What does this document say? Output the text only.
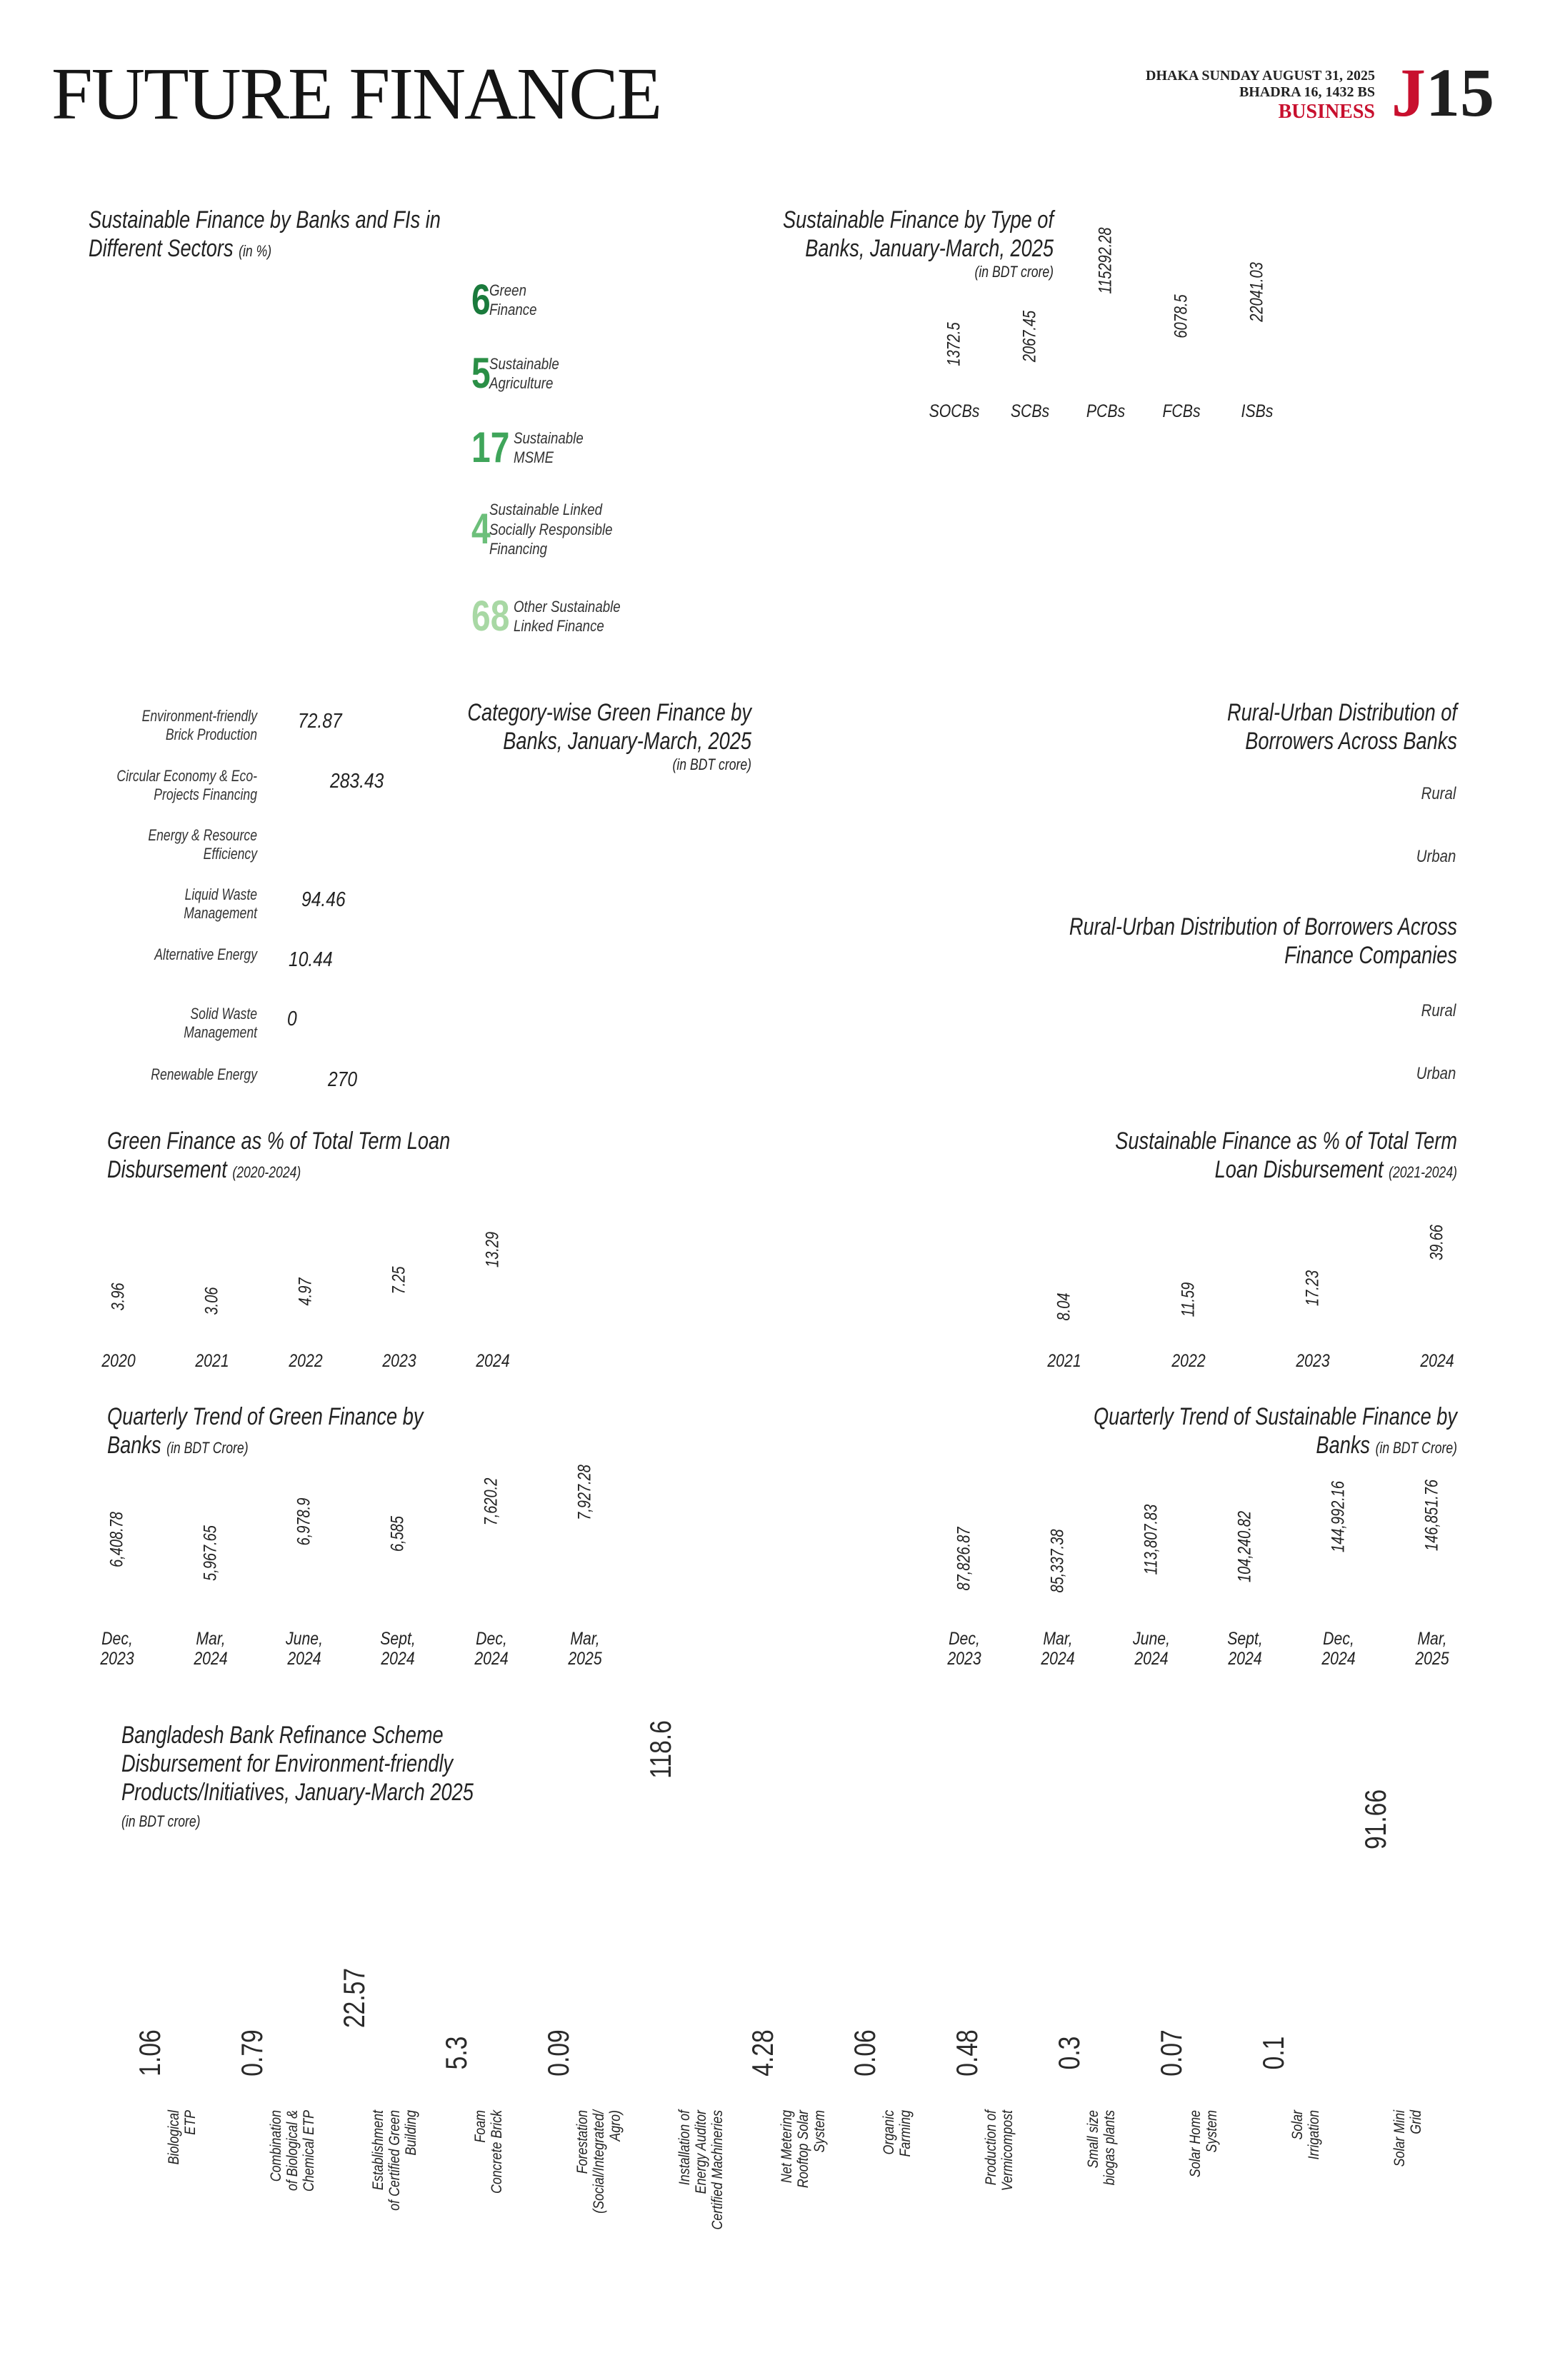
FUTURE FINANCE	DHAKA SUNDAY AUGUST 31, 2025
BHADRA 16, 1432 BS
BUSINESS J15
Sustainable Finance by Banks and FIs in Different Sectors (in %)
6
Green
Finance
5
Sustainable
Agriculture
17 Sustainable
MSME
4
Sustainable Linked
Socially Responsible
Financing
68 Other Sustainable
Linked Finance
Sustainable Finance by Type of
Banks, January-March, 2025
(in BDT crore)
1372.5
SOCBs
2067.45
SCBs
115292.28
PCBs
6078.5
FCBs
22041.03
ISBs
Category-wise Green Finance by
Banks, January-March, 2025
(in BDT crore)
Environment-friendly
Brick Production
72.87
Circular Economy & Eco-
Projects Financing
283.43
Energy & Resource
Efficiency
Liquid Waste
Management
94.46
Alternative Energy 10.44
Solid Waste
Management
0
Renewable Energy	270
Rural-Urban Distribution of
Borrowers Across Banks
Rural
Urban
Rural-Urban Distribution of Borrowers Across
Finance Companies
Rural
Urban
Green Finance as % of Total Term Loan
Disbursement (2020-2024)
3.96
2020
3.06
2021
4.97
2022
7.25
2023
13.29
2024
Sustainable Finance as % of Total Term
Loan Disbursement (2021-2024)
8.04
2021
11.59
2022
17.23
2023
39.66
2024
Quarterly Trend of Green Finance by
Banks (in BDT Crore)
6,408.78
Dec,
2023
5,967.65
Mar,
2024
6,978.9
June,
2024
6,585
Sept,
2024
7,620.2
Dec,
2024
7,927.28
Mar,
2025
Quarterly Trend of Sustainable Finance by
Banks (in BDT Crore)
87,826.87
Dec,
2023
85,337.38
Mar,
2024
113,807.83
June,
2024
104,240.82
Sept,
2024
144,992.16
Dec,
2024
146,851.76
Mar,
2025
Bangladesh Bank Refinance Scheme
Disbursement for Environment-friendly
Products/Initiatives, January-March 2025
(in BDT crore)
1.06
Biological ETP
0.79
Combination of Biological & Chemical ETP
22.57
Establishment of Certified Green Building
5.3
Foam Concrete Brick
0.09
Forestation (Social/Integrated/ Agro)
118.6
Installation of Energy Auditor Certified Machineries
4.28
Net Metering Rooftop Solar System
0.06
Organic Farming
0.48
Production of Vermicompost
0.3
Small size biogas plants
0.07
Solar Home System
0.1
Solar Irrigation
91.66
Solar Mini Grid
